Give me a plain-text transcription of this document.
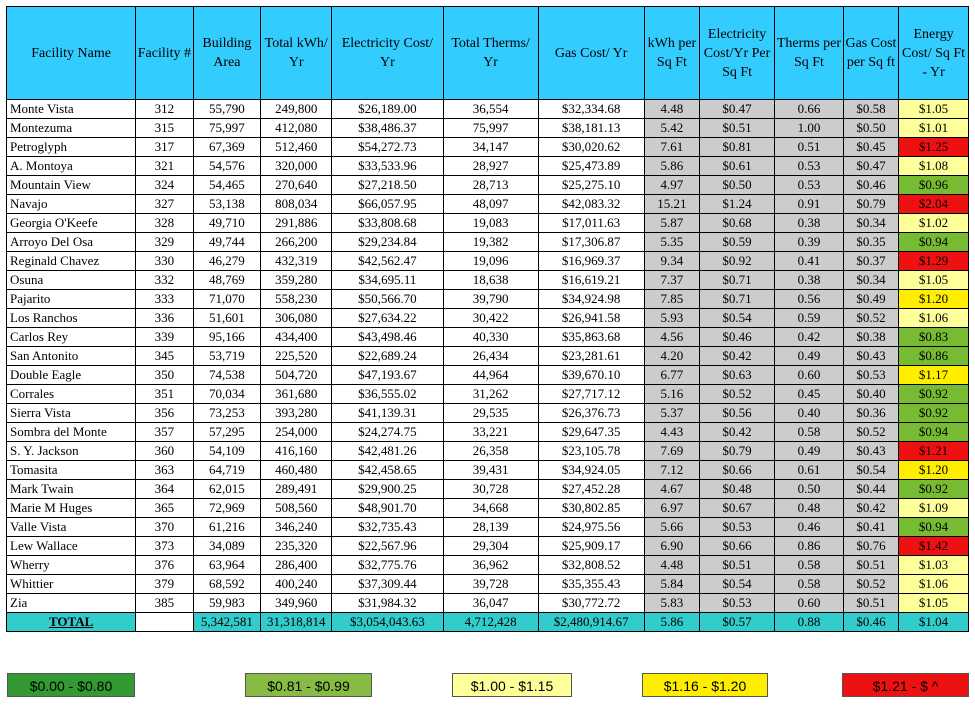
Facility Name	Facility #	Building Area	Total kWh/ Yr	Electricity Cost/ Yr	Total Therms/ Yr	Gas Cost/ Yr	kWh per Sq Ft	Electricity Cost/Yr Per Sq Ft	Therms per Sq Ft	Gas Cost per Sq ft	Energy Cost/ Sq Ft - Yr
Monte Vista	312	55,790	249,800	$26,189.00	36,554	$32,334.68	4.48	$0.47	0.66	$0.58	$1.05
Montezuma	315	75,997	412,080	$38,486.37	75,997	$38,181.13	5.42	$0.51	1.00	$0.50	$1.01
Petroglyph	317	67,369	512,460	$54,272.73	34,147	$30,020.62	7.61	$0.81	0.51	$0.45	$1.25
A. Montoya	321	54,576	320,000	$33,533.96	28,927	$25,473.89	5.86	$0.61	0.53	$0.47	$1.08
Mountain View	324	54,465	270,640	$27,218.50	28,713	$25,275.10	4.97	$0.50	0.53	$0.46	$0.96
Navajo	327	53,138	808,034	$66,057.95	48,097	$42,083.32	15.21	$1.24	0.91	$0.79	$2.04
Georgia O'Keefe	328	49,710	291,886	$33,808.68	19,083	$17,011.63	5.87	$0.68	0.38	$0.34	$1.02
Arroyo Del Osa	329	49,744	266,200	$29,234.84	19,382	$17,306.87	5.35	$0.59	0.39	$0.35	$0.94
Reginald Chavez	330	46,279	432,319	$42,562.47	19,096	$16,969.37	9.34	$0.92	0.41	$0.37	$1.29
Osuna	332	48,769	359,280	$34,695.11	18,638	$16,619.21	7.37	$0.71	0.38	$0.34	$1.05
Pajarito	333	71,070	558,230	$50,566.70	39,790	$34,924.98	7.85	$0.71	0.56	$0.49	$1.20
Los Ranchos	336	51,601	306,080	$27,634.22	30,422	$26,941.58	5.93	$0.54	0.59	$0.52	$1.06
Carlos Rey	339	95,166	434,400	$43,498.46	40,330	$35,863.68	4.56	$0.46	0.42	$0.38	$0.83
San Antonito	345	53,719	225,520	$22,689.24	26,434	$23,281.61	4.20	$0.42	0.49	$0.43	$0.86
Double Eagle	350	74,538	504,720	$47,193.67	44,964	$39,670.10	6.77	$0.63	0.60	$0.53	$1.17
Corrales	351	70,034	361,680	$36,555.02	31,262	$27,717.12	5.16	$0.52	0.45	$0.40	$0.92
Sierra Vista	356	73,253	393,280	$41,139.31	29,535	$26,376.73	5.37	$0.56	0.40	$0.36	$0.92
Sombra del Monte	357	57,295	254,000	$24,274.75	33,221	$29,647.35	4.43	$0.42	0.58	$0.52	$0.94
S. Y. Jackson	360	54,109	416,160	$42,481.26	26,358	$23,105.78	7.69	$0.79	0.49	$0.43	$1.21
Tomasita	363	64,719	460,480	$42,458.65	39,431	$34,924.05	7.12	$0.66	0.61	$0.54	$1.20
Mark Twain	364	62,015	289,491	$29,900.25	30,728	$27,452.28	4.67	$0.48	0.50	$0.44	$0.92
Marie M Huges	365	72,969	508,560	$48,901.70	34,668	$30,802.85	6.97	$0.67	0.48	$0.42	$1.09
Valle Vista	370	61,216	346,240	$32,735.43	28,139	$24,975.56	5.66	$0.53	0.46	$0.41	$0.94
Lew Wallace	373	34,089	235,320	$22,567.96	29,304	$25,909.17	6.90	$0.66	0.86	$0.76	$1.42
Wherry	376	63,964	286,400	$32,775.76	36,962	$32,808.52	4.48	$0.51	0.58	$0.51	$1.03
Whittier	379	68,592	400,240	$37,309.44	39,728	$35,355.43	5.84	$0.54	0.58	$0.52	$1.06
Zia	385	59,983	349,960	$31,984.32	36,047	$30,772.72	5.83	$0.53	0.60	$0.51	$1.05
TOTAL		5,342,581	31,318,814	$3,054,043.63	4,712,428	$2,480,914.67	5.86	$0.57	0.88	$0.46	$1.04
$0.00 - $0.80	$0.81 - $0.99	$1.00 - $1.15	$1.16 - $1.20	$1.21 - $ ^
